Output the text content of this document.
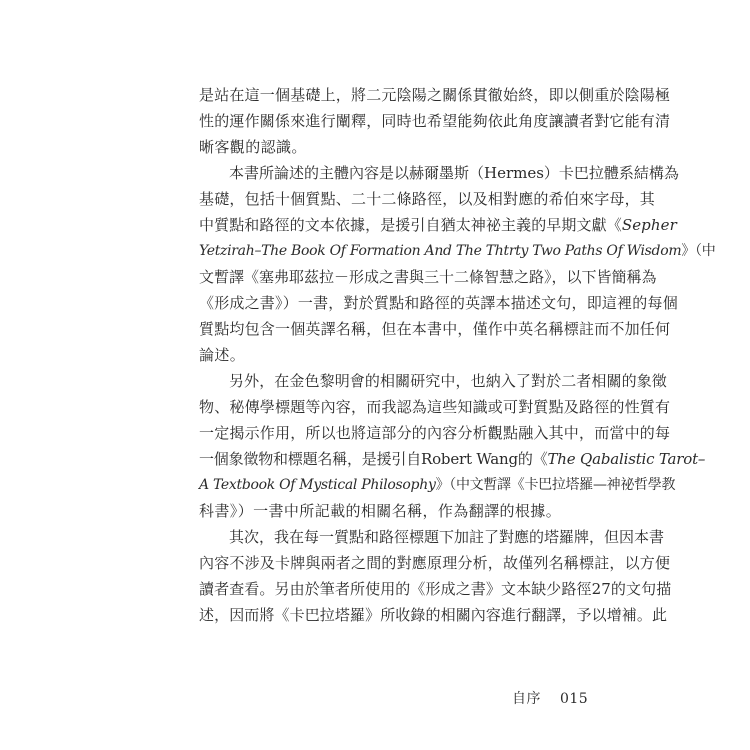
是站在這一個基礎上，將二元陰陽之關係貫徹始終，即以側重於陰陽極
性的運作關係來進行闡釋，同時也希望能夠依此角度讓讀者對它能有清
晰客觀的認識。
本書所論述的主體內容是以赫爾墨斯（Hermes）卡巴拉體系結構為
基礎，包括十個質點、二十二條路徑，以及相對應的希伯來字母，其
中質點和路徑的文本依據，是援引自猶太神祕主義的早期文獻《Sepher
Yetzirah–The Book Of Formation And The Thtrty Two Paths Of Wisdom》（中
文暫譯《塞弗耶茲拉－形成之書與三十二條智慧之路》，以下皆簡稱為
《形成之書》）一書，對於質點和路徑的英譯本描述文句，即這裡的每個
質點均包含一個英譯名稱，但在本書中，僅作中英名稱標註而不加任何
論述。
另外，在金色黎明會的相關研究中，也納入了對於二者相關的象徵
物、秘傳學標題等內容，而我認為這些知識或可對質點及路徑的性質有
一定揭示作用，所以也將這部分的內容分析觀點融入其中，而當中的每
一個象徵物和標題名稱，是援引自Robert Wang的《The Qabalistic Tarot–
A Textbook Of Mystical Philosophy》（中文暫譯《卡巴拉塔羅—神祕哲學教
科書》）一書中所記載的相關名稱，作為翻譯的根據。
其次，我在每一質點和路徑標題下加註了對應的塔羅牌，但因本書
內容不涉及卡牌與兩者之間的對應原理分析，故僅列名稱標註，以方便
讀者查看。另由於筆者所使用的《形成之書》文本缺少路徑27的文句描
述，因而將《卡巴拉塔羅》所收錄的相關內容進行翻譯，予以增補。此
自序 015
